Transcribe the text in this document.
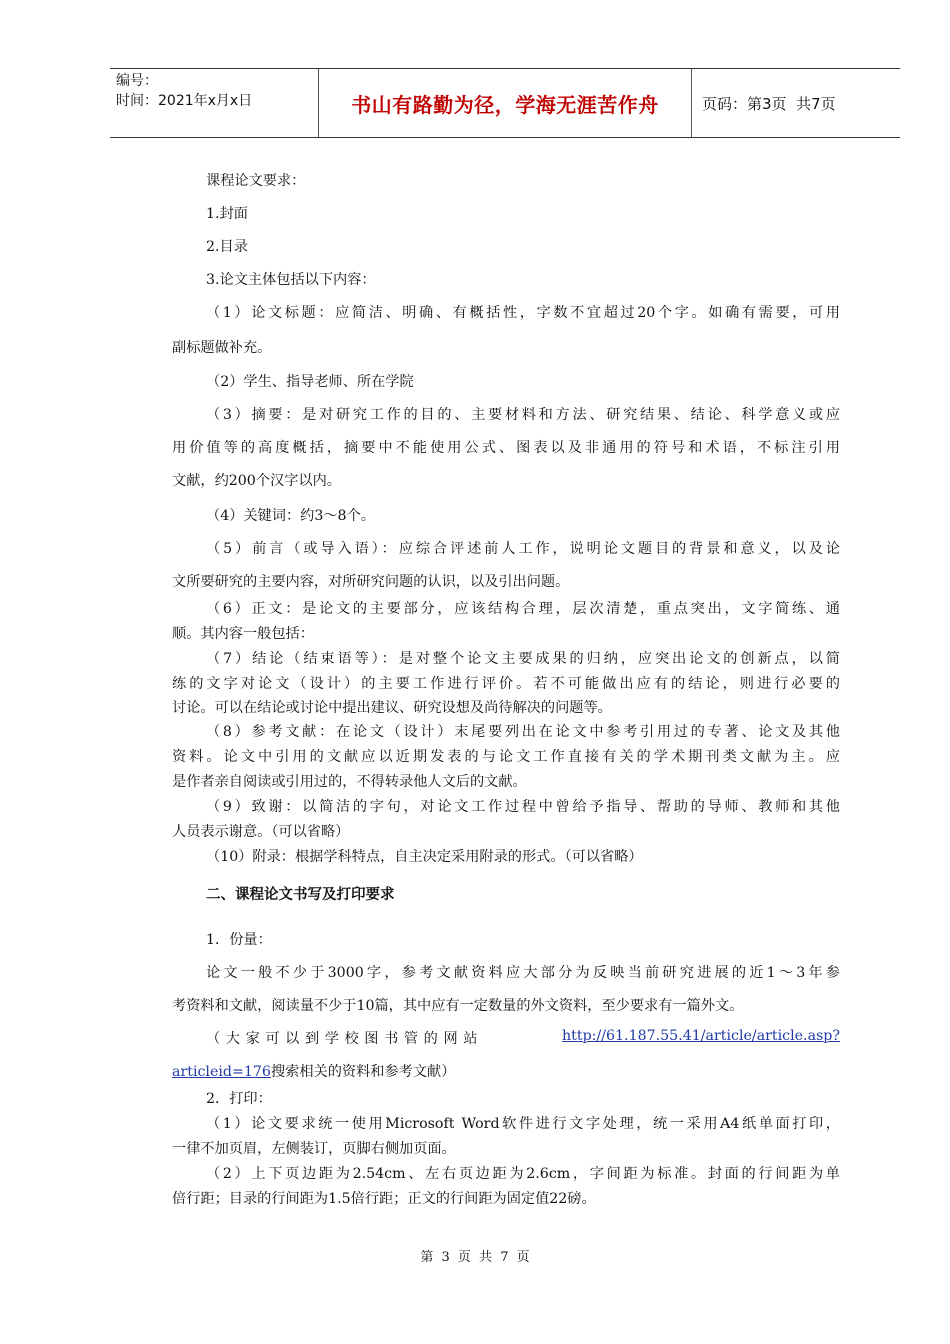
编号：
时间：2021年x月x日	书山有路勤为径，学海无涯苦作舟	页码：第3页  共7页
课程论文要求：
1.封面
2.目录
3.论文主体包括以下内容：
（1）论文标题：应简洁、明确、有概括性，字数不宜超过20个字。如确有需要，可用
副标题做补充。
（2）学生、指导老师、所在学院
（3）摘要：是对研究工作的目的、主要材料和方法、研究结果、结论、科学意义或应
用价值等的高度概括，摘要中不能使用公式、图表以及非通用的符号和术语，不标注引用
文献，约200个汉字以内。
（4）关键词：约3～8个。
（5）前言（或导入语）：应综合评述前人工作，说明论文题目的背景和意义，以及论
文所要研究的主要内容，对所研究问题的认识，以及引出问题。
（6）正文：是论文的主要部分，应该结构合理，层次清楚，重点突出，文字简练、通
顺。其内容一般包括：
（7）结论（结束语等）：是对整个论文主要成果的归纳，应突出论文的创新点，以简
练的文字对论文（设计）的主要工作进行评价。若不可能做出应有的结论，则进行必要的
讨论。可以在结论或讨论中提出建议、研究设想及尚待解决的问题等。
（8）参考文献：在论文（设计）末尾要列出在论文中参考引用过的专著、论文及其他
资料。论文中引用的文献应以近期发表的与论文工作直接有关的学术期刊类文献为主。应
是作者亲自阅读或引用过的，不得转录他人文后的文献。
（9）致谢：以简洁的字句，对论文工作过程中曾给予指导、帮助的导师、教师和其他
人员表示谢意。（可以省略）
（10）附录：根据学科特点，自主决定采用附录的形式。（可以省略）
二、课程论文书写及打印要求
1．份量：
论文一般不少于3000字，参考文献资料应大部分为反映当前研究进展的近1～3年参
考资料和文献，阅读量不少于10篇，其中应有一定数量的外文资料，至少要求有一篇外文。
（大家可以到学校图书管的网站	http://61.187.55.41/article/article.asp?
articleid=176搜索相关的资料和参考文献）
2．打印：
（1）论文要求统一使用Microsoft Word软件进行文字处理，统一采用A4纸单面打印，
一律不加页眉，左侧装订，页脚右侧加页面。
（2）上下页边距为2.54cm、左右页边距为2.6cm，字间距为标准。封面的行间距为单
倍行距；目录的行间距为1.5倍行距；正文的行间距为固定值22磅。
第 3 页 共 7 页
